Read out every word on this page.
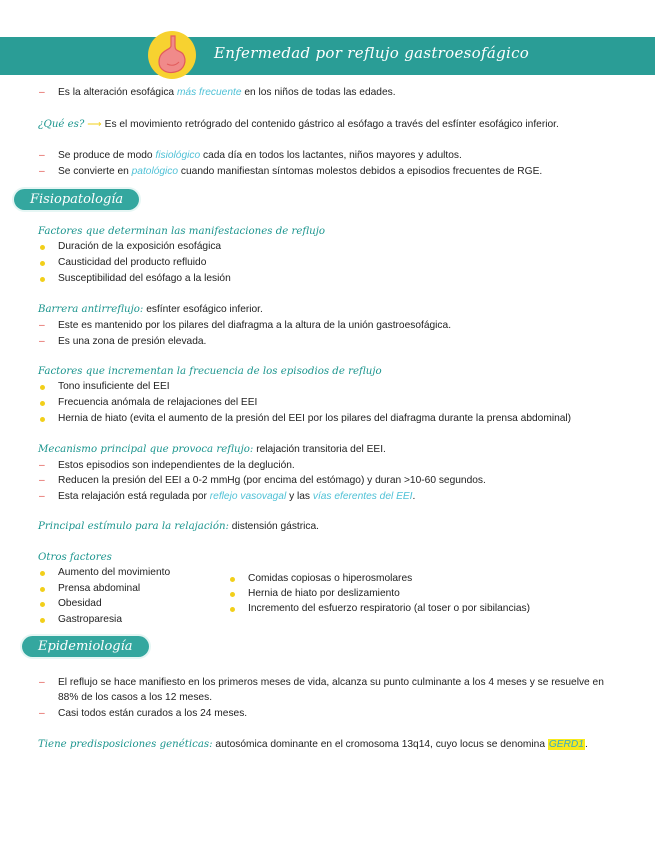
Enfermedad por reflujo gastroesofágico
– Es la alteración esofágica más frecuente en los niños de todas las edades.
¿Qué es? ⟶ Es el movimiento retrógrado del contenido gástrico al esófago a través del esfínter esofágico inferior.
– Se produce de modo fisiológico cada día en todos los lactantes, niños mayores y adultos.
– Se convierte en patológico cuando manifiestan síntomas molestos debidos a episodios frecuentes de RGE.
Fisiopatología
Factores que determinan las manifestaciones de reflujo
Duración de la exposición esofágica
Causticidad del producto refluido
Susceptibilidad del esófago a la lesión
Barrera antirreflujo: esfínter esofágico inferior.
– Este es mantenido por los pilares del diafragma a la altura de la unión gastroesofágica.
– Es una zona de presión elevada.
Factores que incrementan la frecuencia de los episodios de reflujo
Tono insuficiente del EEI
Frecuencia anómala de relajaciones del EEI
Hernia de hiato (evita el aumento de la presión del EEI por los pilares del diafragma durante la prensa abdominal)
Mecanismo principal que provoca reflujo: relajación transitoria del EEI.
– Estos episodios son independientes de la deglución.
– Reducen la presión del EEI a 0-2 mmHg (por encima del estómago) y duran >10-60 segundos.
– Esta relajación está regulada por reflejo vasovagal y las vías eferentes del EEI.
Principal estímulo para la relajación: distensión gástrica.
Otros factores
Aumento del movimiento
Prensa abdominal
Obesidad
Gastroparesia
Comidas copiosas o hiperosmolares
Hernia de hiato por deslizamiento
Incremento del esfuerzo respiratorio (al toser o por sibilancias)
Epidemiología
– El reflujo se hace manifiesto en los primeros meses de vida, alcanza su punto culminante a los 4 meses y se resuelve en
88% de los casos a los 12 meses.
– Casi todos están curados a los 24 meses.
Tiene predisposiciones genéticas: autosómica dominante en el cromosoma 13q14, cuyo locus se denomina GERD1.
